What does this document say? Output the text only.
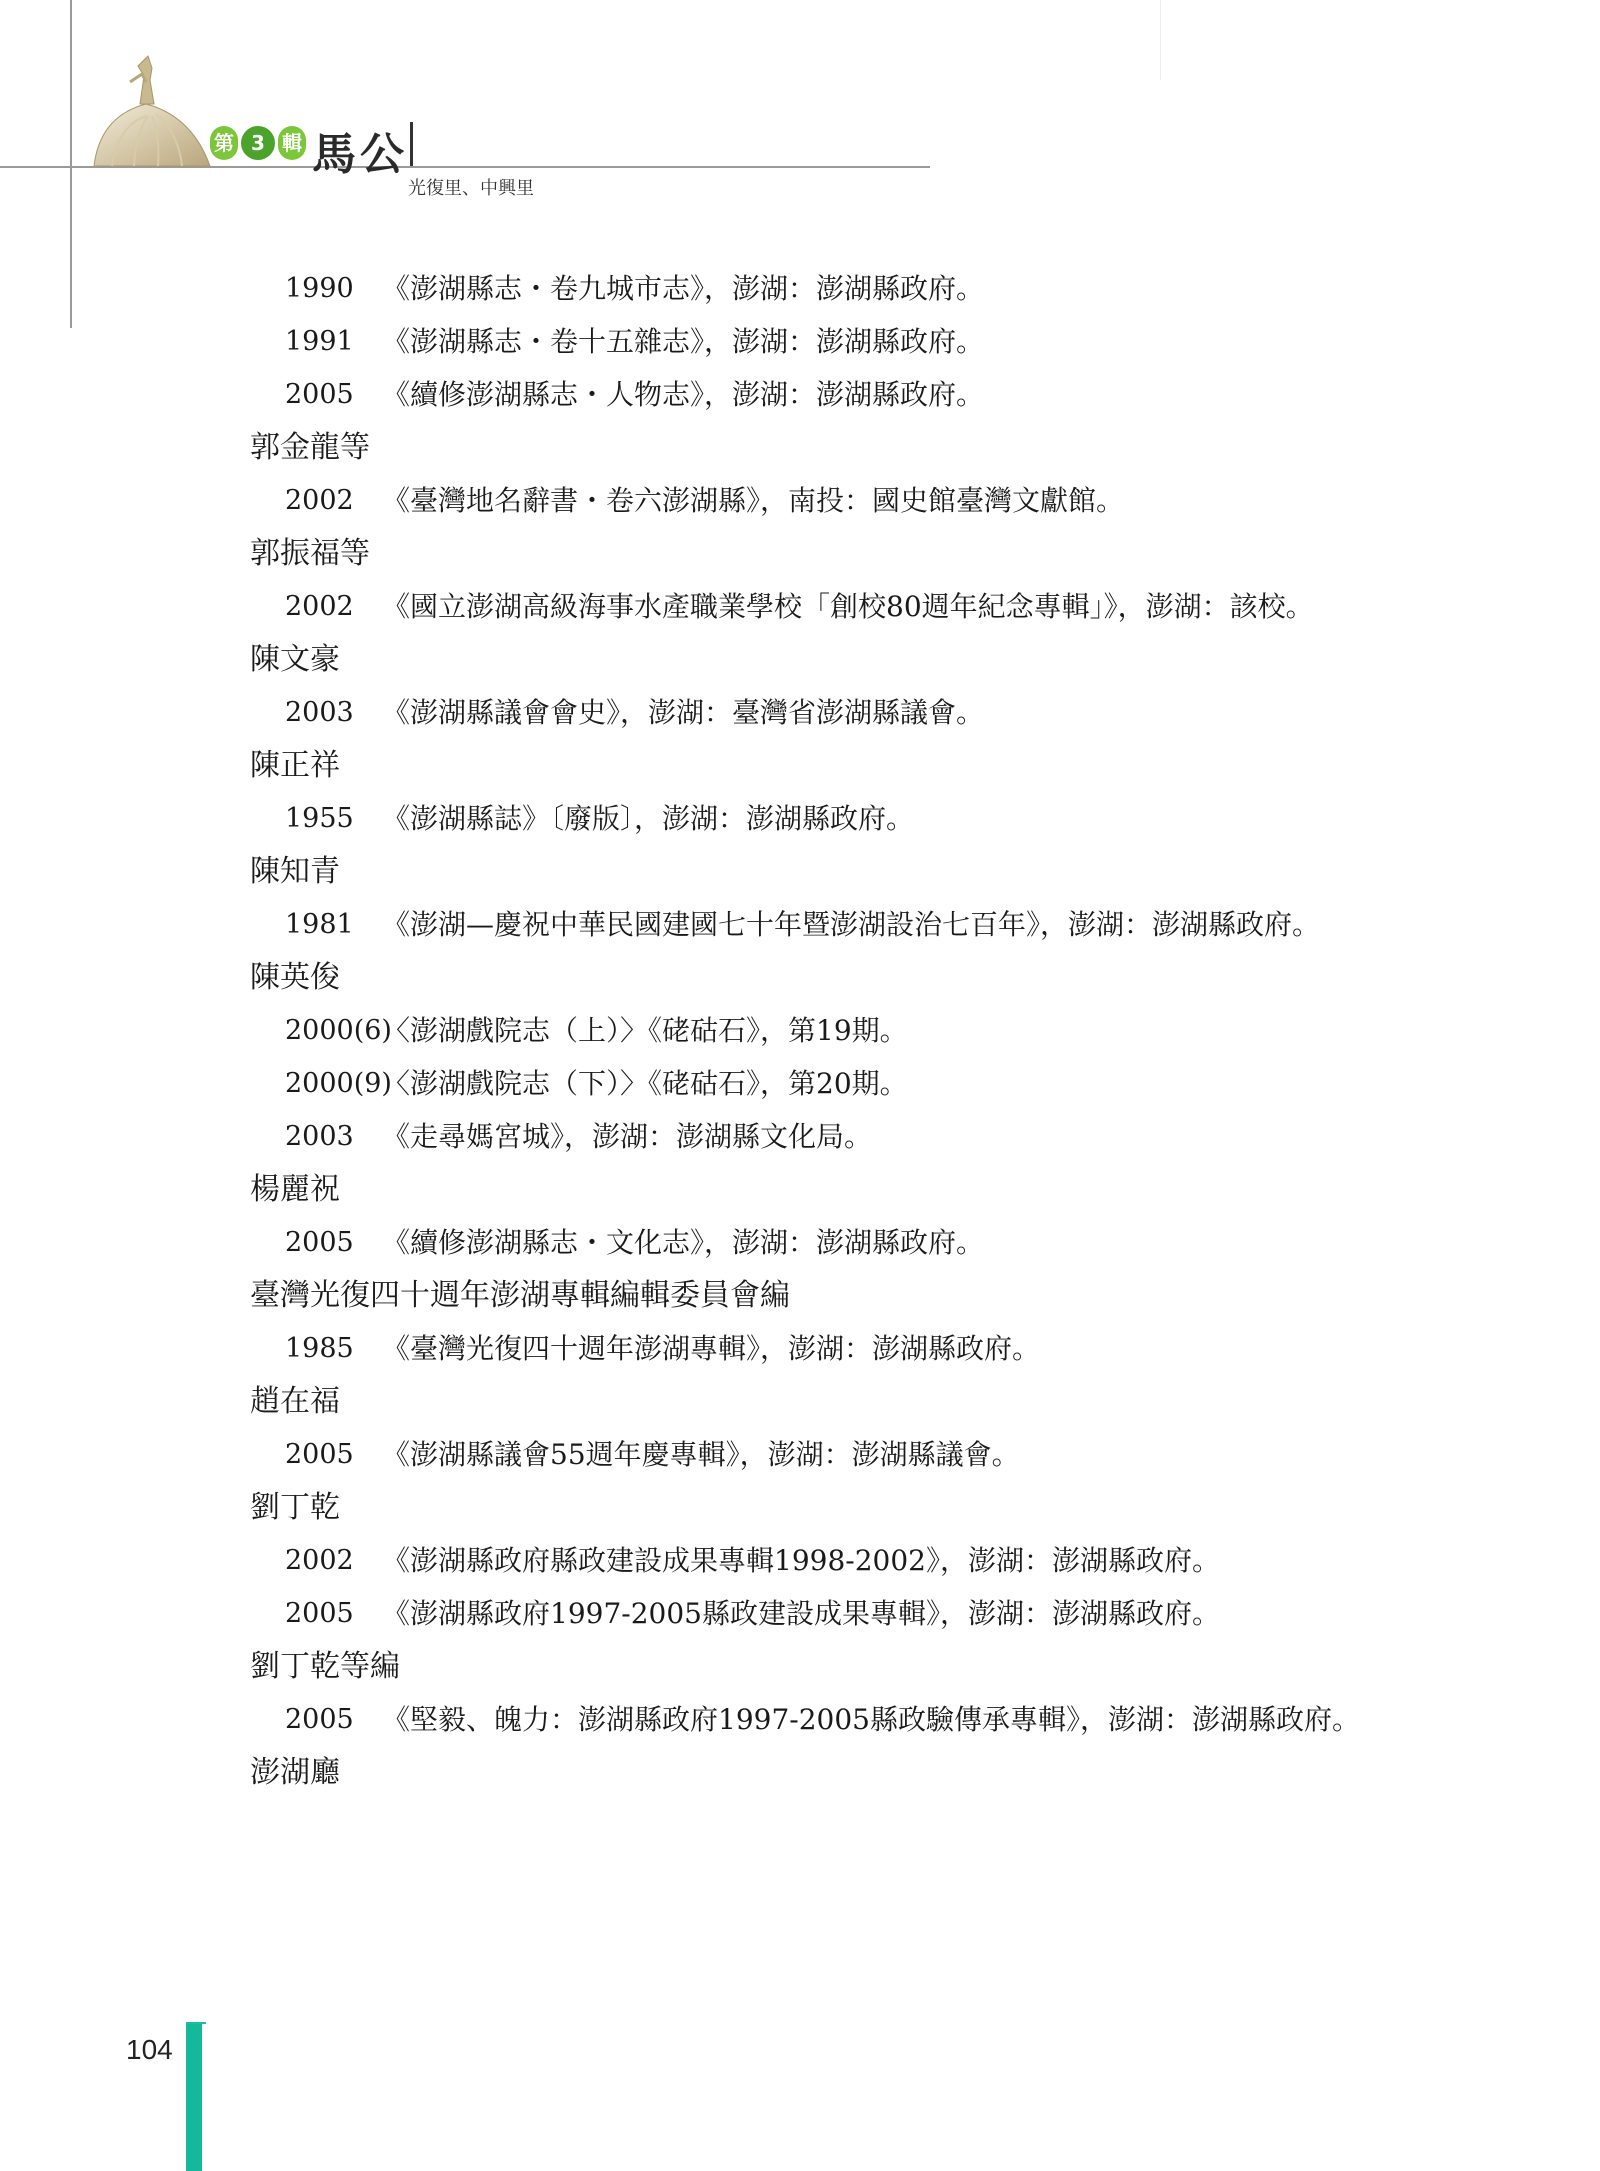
第 3 輯 馬公
光復里、中興里
1990 《澎湖縣志・卷九城市志》，澎湖：澎湖縣政府。
1991 《澎湖縣志・卷十五雜志》，澎湖：澎湖縣政府。
2005 《續修澎湖縣志・人物志》，澎湖：澎湖縣政府。
郭金龍等
2002 《臺灣地名辭書・卷六澎湖縣》，南投：國史館臺灣文獻館。
郭振福等
2002 《國立澎湖高級海事水產職業學校「創校80週年紀念專輯」》，澎湖：該校。
陳文豪
2003 《澎湖縣議會會史》，澎湖：臺灣省澎湖縣議會。
陳正祥
1955 《澎湖縣誌》〔廢版〕，澎湖：澎湖縣政府。
陳知青
1981 《澎湖—慶祝中華民國建國七十年暨澎湖設治七百年》，澎湖：澎湖縣政府。
陳英俊
2000(6)
〈澎湖戲院志（上）〉《硓𥑮石》，第19期。
2000(9)
〈澎湖戲院志（下）〉《硓𥑮石》，第20期。
2003 《走尋媽宮城》，澎湖：澎湖縣文化局。
楊麗祝
2005 《續修澎湖縣志・文化志》，澎湖：澎湖縣政府。
臺灣光復四十週年澎湖專輯編輯委員會編
1985 《臺灣光復四十週年澎湖專輯》，澎湖：澎湖縣政府。
趙在福
2005 《澎湖縣議會55週年慶專輯》，澎湖：澎湖縣議會。
劉丁乾
2002 《澎湖縣政府縣政建設成果專輯1998-2002》，澎湖：澎湖縣政府。
2005 《澎湖縣政府1997-2005縣政建設成果專輯》，澎湖：澎湖縣政府。
劉丁乾等編
2005 《堅毅、魄力：澎湖縣政府1997-2005縣政驗傳承專輯》，澎湖：澎湖縣政府。
澎湖廳
104
